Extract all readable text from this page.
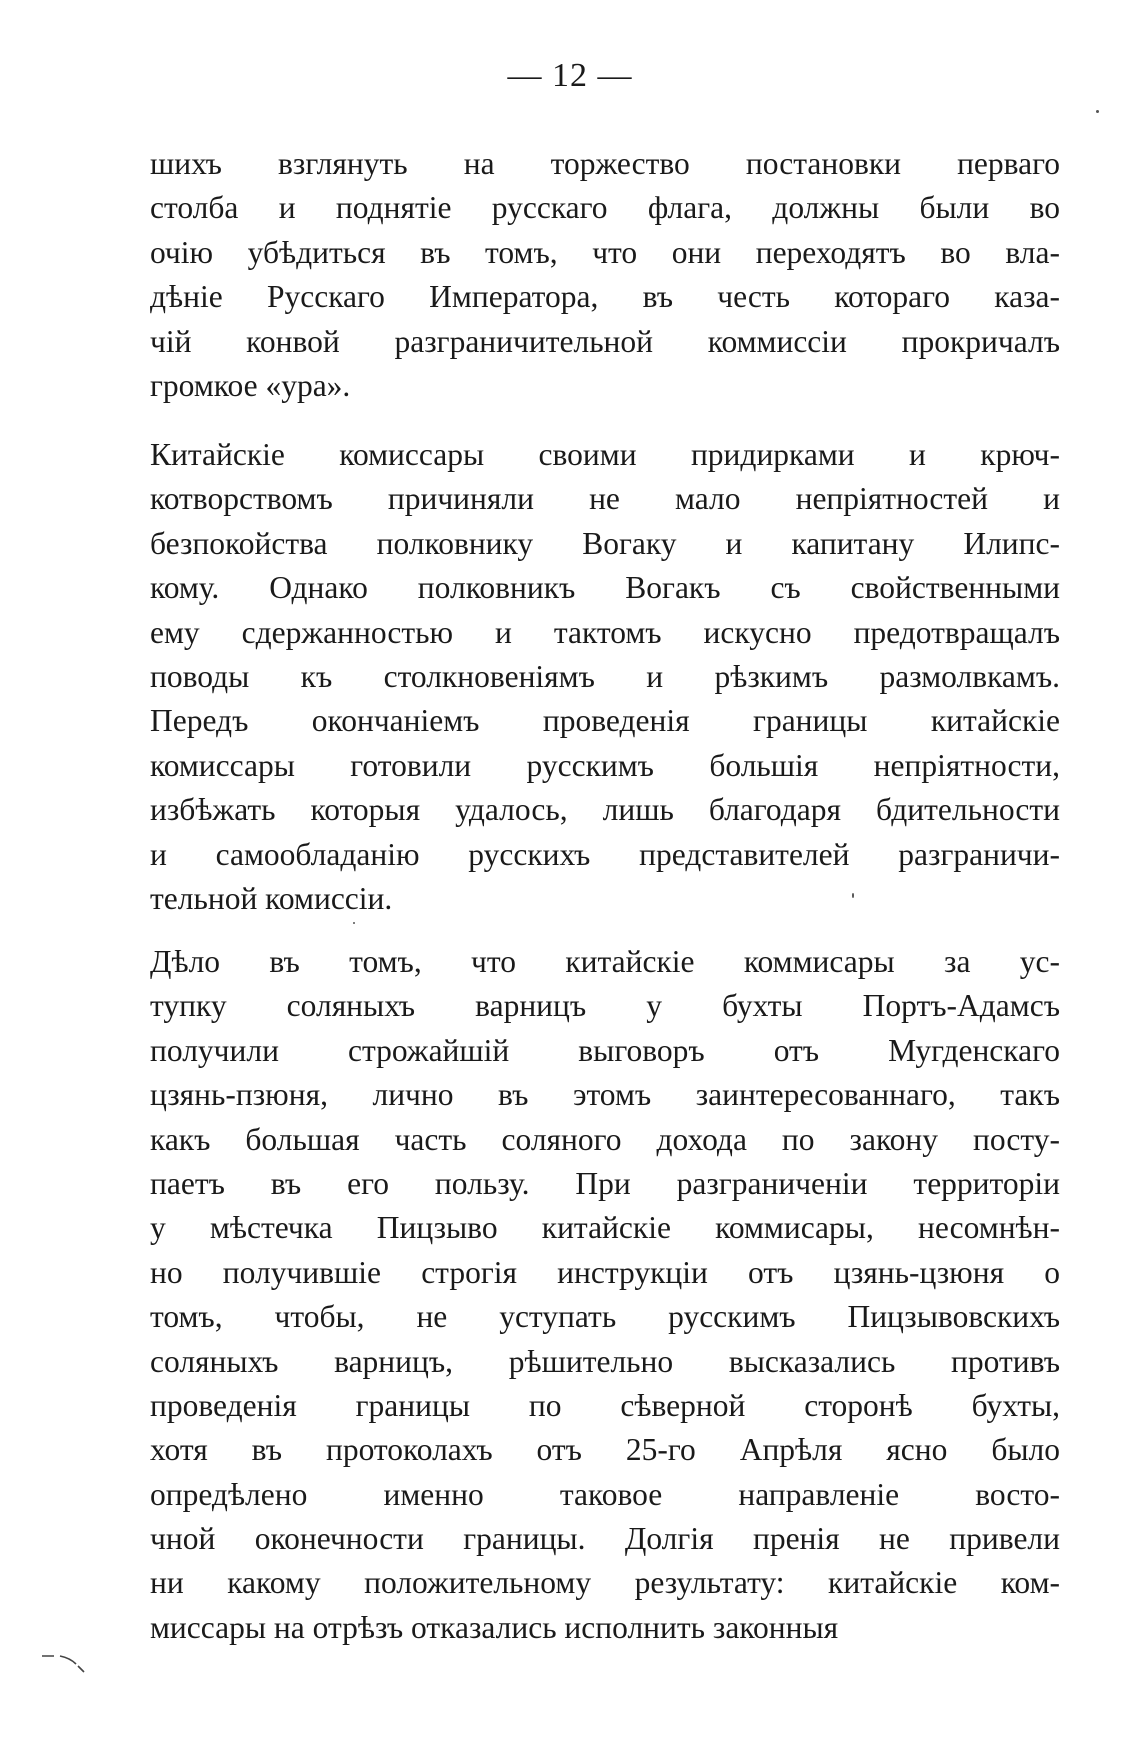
— 12 —
шихъ взглянуть на торжество постановки перваго
столба и поднятіе русскаго флага, должны были во
очію убѣдиться въ томъ, что они переходятъ во вла-
дѣніе Русскаго Императора, въ честь котораго каза-
чій конвой разграничительной коммиссіи прокричалъ
громкое «ура».
Китайскіе комиссары своими придирками и крюч-
котворствомъ причиняли не мало непріятностей и
безпокойства полковнику Вогаку и капитану Илипс-
кому. Однако полковникъ Вогакъ съ свойственными
ему сдержанностью и тактомъ искусно предотвращалъ
поводы къ столкновеніямъ и рѣзкимъ размолвкамъ.
Передъ окончаніемъ проведенія границы китайскіе
комиссары готовили русскимъ большія непріятности,
избѣжать которыя удалось, лишь благодаря бдительности
и самообладанію русскихъ представителей разграничи-
тельной комиссіи.
Дѣло въ томъ, что китайскіе коммисары за ус-
тупку соляныхъ варницъ у бухты Портъ-Адамсъ
получили строжайшій выговоръ отъ Мугденскаго
цзянь-пзюня, лично въ этомъ заинтересованнаго, такъ
какъ большая часть соляного дохода по закону посту-
паетъ въ его пользу. При разграниченіи территоріи
у мѣстечка Пицзыво китайскіе коммисары, несомнѣн-
но получившіе строгія инструкціи отъ цзянь-цзюня о
томъ, чтобы, не уступать русскимъ Пицзывовскихъ
соляныхъ варницъ, рѣшительно высказались противъ
проведенія границы по сѣверной сторонѣ бухты,
хотя въ протоколахъ отъ 25-го Апрѣля ясно было
опредѣлено именно таковое направленіе восто-
чной оконечности границы. Долгія пренія не привели
ни какому положительному результату: китайскіе ком-
миссары на отрѣзъ отказались исполнить законныя
